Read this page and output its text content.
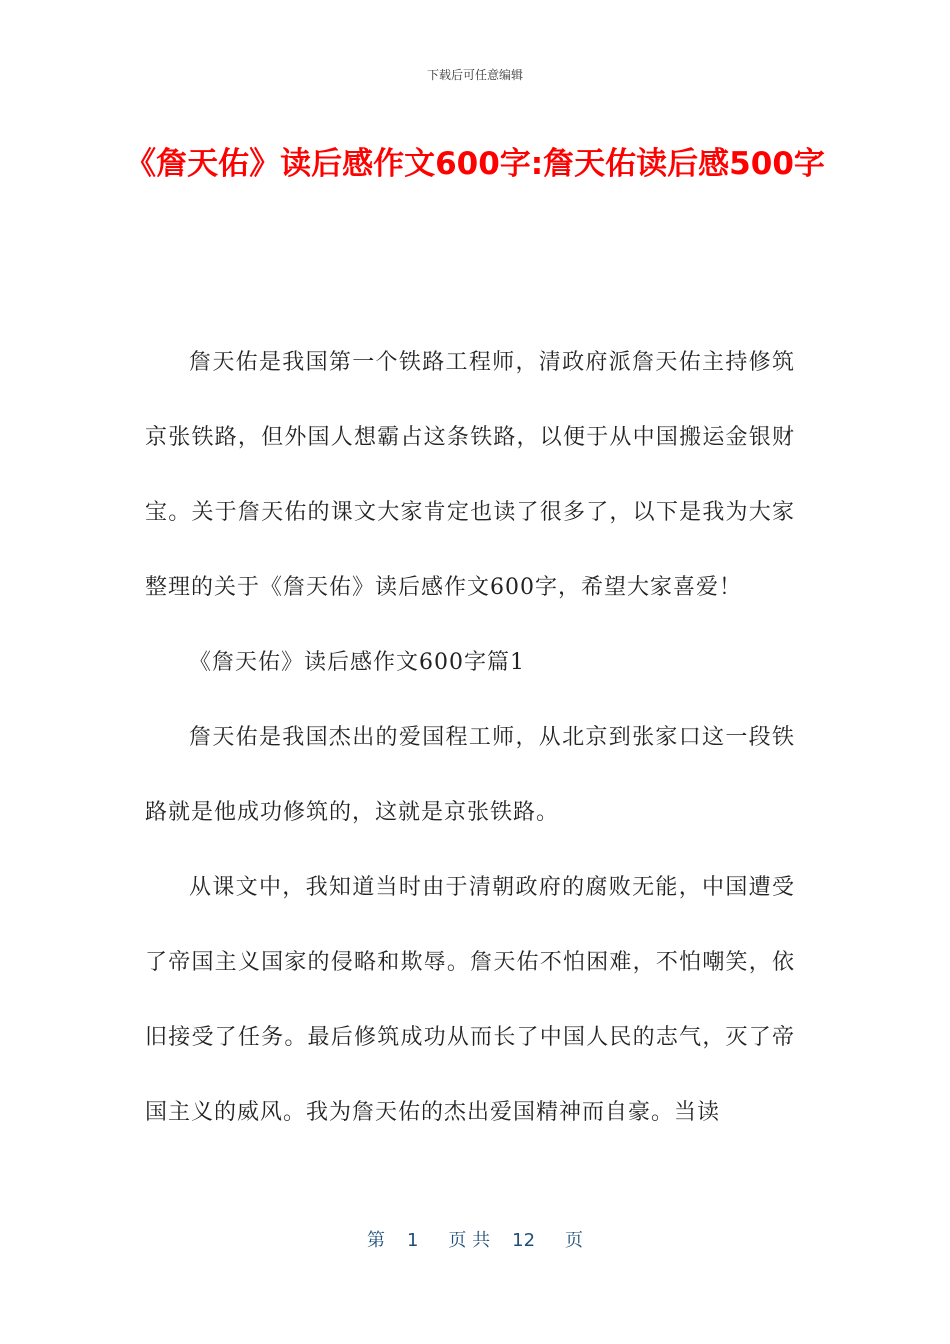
下载后可任意编辑
《詹天佑》读后感作文600字:詹天佑读后感500字

詹天佑是我国第一个铁路工程师，清政府派詹天佑主持修筑京张铁路，但外国人想霸占这条铁路，以便于从中国搬运金银财宝。关于詹天佑的课文大家肯定也读了很多了，以下是我为大家整理的关于《詹天佑》读后感作文600字，希望大家喜爱！

《詹天佑》读后感作文600字篇1

詹天佑是我国杰出的爱国程工师，从北京到张家口这一段铁路就是他成功修筑的，这就是京张铁路。

从课文中，我知道当时由于清朝政府的腐败无能，中国遭受了帝国主义国家的侵略和欺辱。詹天佑不怕困难，不怕嘲笑，依旧接受了任务。最后修筑成功从而长了中国人民的志气，灭了帝国主义的威风。我为詹天佑的杰出爱国精神而自豪。当读

第 1 页 共 12 页
